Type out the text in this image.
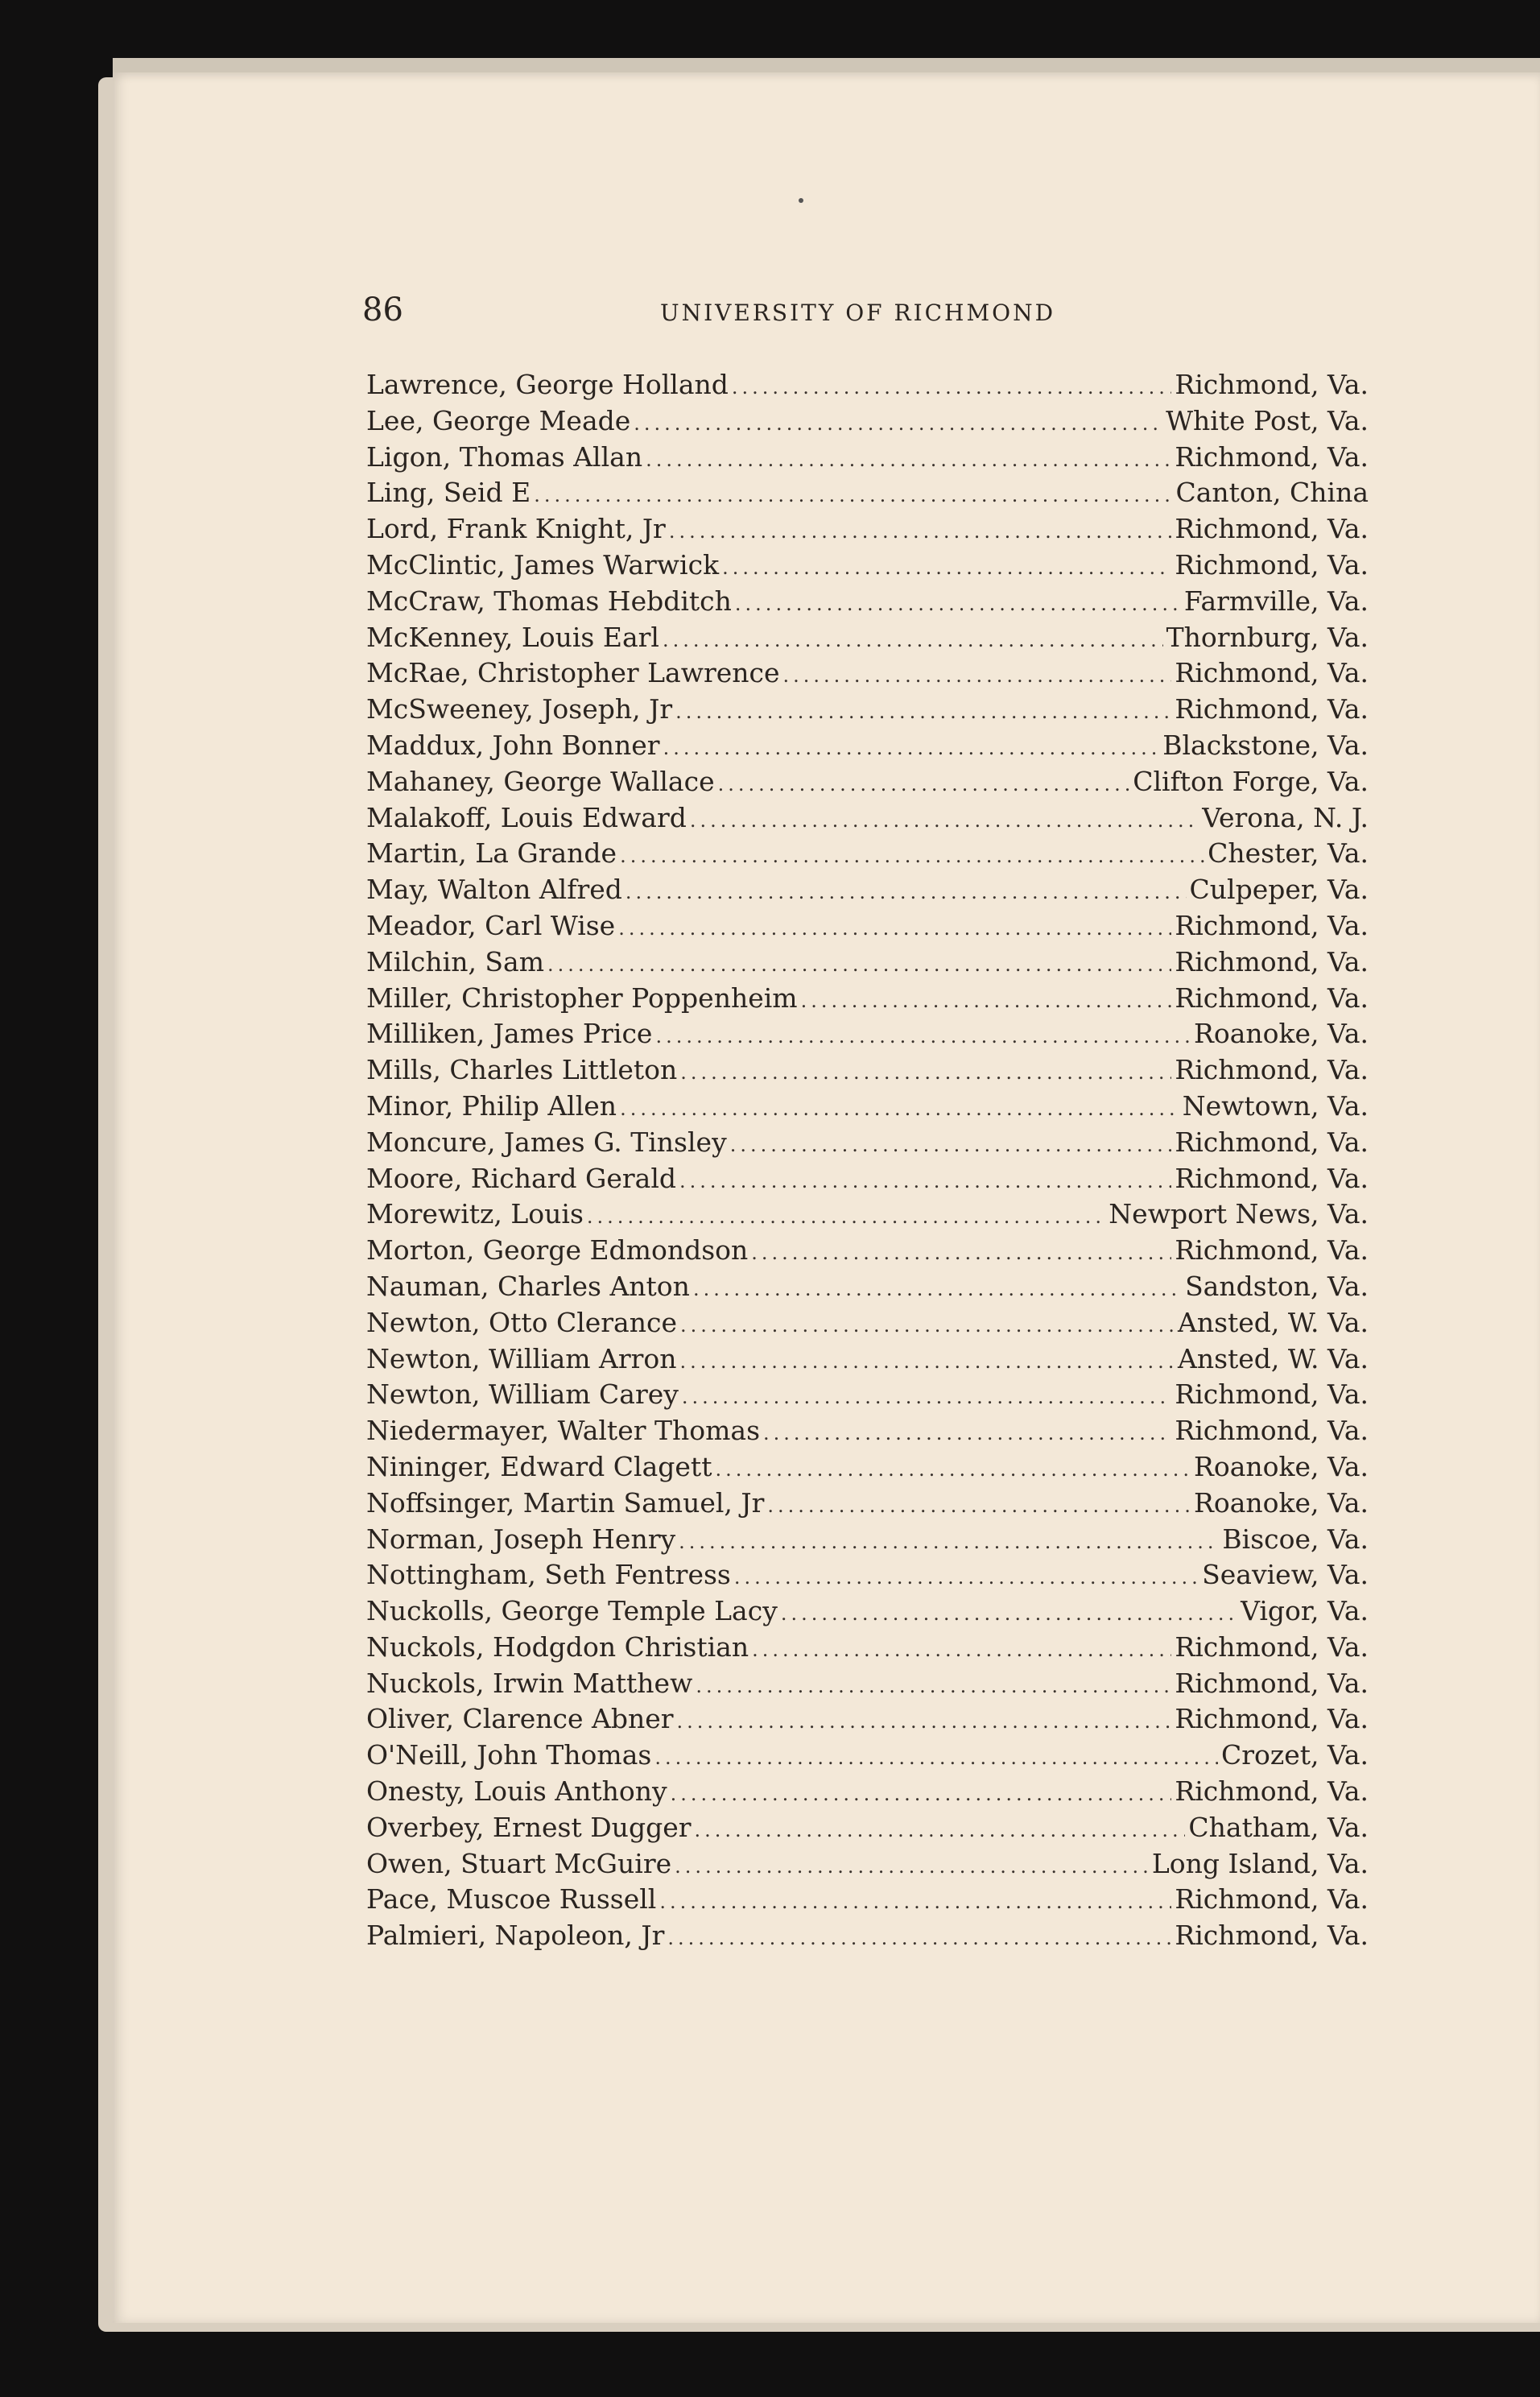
86	UNIVERSITY OF RICHMOND
Lawrence, George Holland .....	Richmond, Va.
Lee, George Meade .....	White Post, Va.
Ligon, Thomas Allan .....	Richmond, Va.
Ling, Seid E .....	Canton, China
Lord, Frank Knight, Jr .....	Richmond, Va.
McClintic, James Warwick .....	Richmond, Va.
McCraw, Thomas Hebditch .....	Farmville, Va.
McKenney, Louis Earl .....	Thornburg, Va.
McRae, Christopher Lawrence .....	Richmond, Va.
McSweeney, Joseph, Jr .....	Richmond, Va.
Maddux, John Bonner .....	Blackstone, Va.
Mahaney, George Wallace .....	Clifton Forge, Va.
Malakoff, Louis Edward .....	Verona, N. J.
Martin, La Grande .....	Chester, Va.
May, Walton Alfred .....	Culpeper, Va.
Meador, Carl Wise .....	Richmond, Va.
Milchin, Sam .....	Richmond, Va.
Miller, Christopher Poppenheim .....	Richmond, Va.
Milliken, James Price .....	Roanoke, Va.
Mills, Charles Littleton .....	Richmond, Va.
Minor, Philip Allen .....	Newtown, Va.
Moncure, James G. Tinsley .....	Richmond, Va.
Moore, Richard Gerald .....	Richmond, Va.
Morewitz, Louis .....	Newport News, Va.
Morton, George Edmondson .....	Richmond, Va.
Nauman, Charles Anton .....	Sandston, Va.
Newton, Otto Clerance .....	Ansted, W. Va.
Newton, William Arron .....	Ansted, W. Va.
Newton, William Carey .....	Richmond, Va.
Niedermayer, Walter Thomas .....	Richmond, Va.
Nininger, Edward Clagett .....	Roanoke, Va.
Noffsinger, Martin Samuel, Jr .....	Roanoke, Va.
Norman, Joseph Henry .....	Biscoe, Va.
Nottingham, Seth Fentress .....	Seaview, Va.
Nuckolls, George Temple Lacy .....	Vigor, Va.
Nuckols, Hodgdon Christian .....	Richmond, Va.
Nuckols, Irwin Matthew .....	Richmond, Va.
Oliver, Clarence Abner .....	Richmond, Va.
O'Neill, John Thomas .....	Crozet, Va.
Onesty, Louis Anthony .....	Richmond, Va.
Overbey, Ernest Dugger .....	Chatham, Va.
Owen, Stuart McGuire .....	Long Island, Va.
Pace, Muscoe Russell .....	Richmond, Va.
Palmieri, Napoleon, Jr .....	Richmond, Va.
